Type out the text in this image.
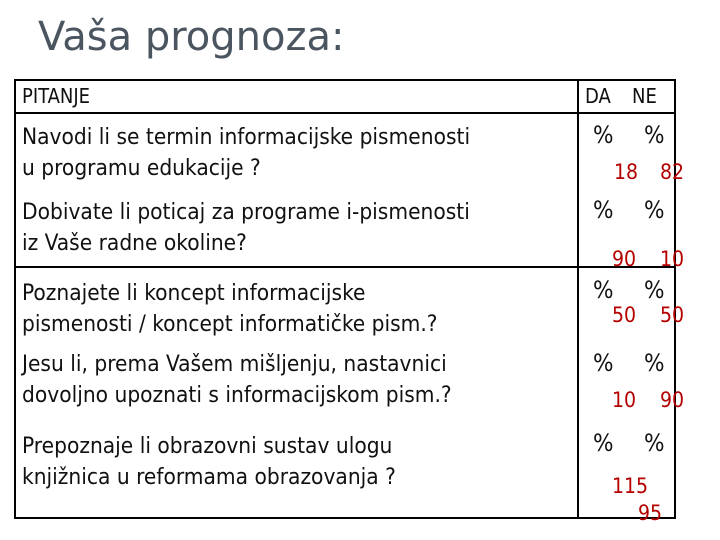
Vaša prognoza:
PITANJE	DA NE
Navodi li se termin informacijske pismenosti
u programu edukacije ?
% %
18 82
Dobivate li poticaj za programe i-pismenosti
iz Vaše radne okoline?
% %
90 10
Poznajete li koncept informacijske
pismenosti / koncept informatičke pism.?
% %
50 50
Jesu li, prema Vašem mišljenju, nastavnici
dovoljno upoznati s informacijskom pism.?
% %
10 90
Prepoznaje li obrazovni sustav ulogu
knjižnica u reformama obrazovanja ?
% %
115
95
